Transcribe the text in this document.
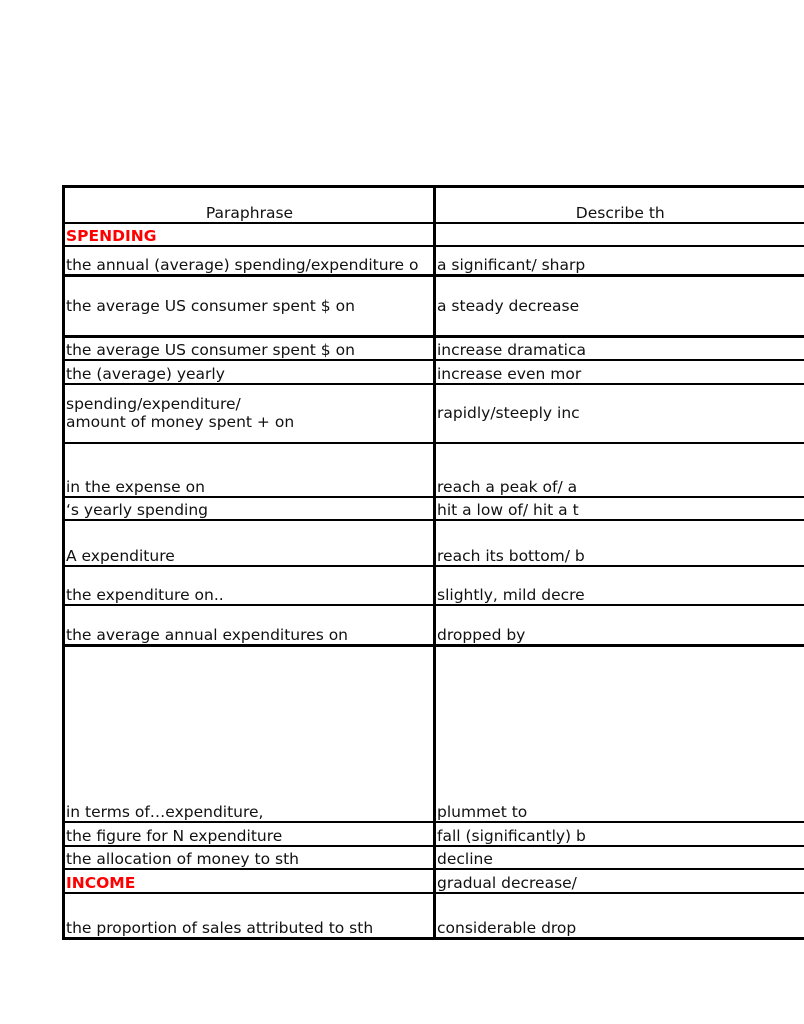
Paraphrase	Describe th
SPENDING	
the annual (average) spending/expenditure o	a significant/ sharp
the average US consumer spent $ on	a steady decrease
the average US consumer spent $ on	increase dramatica
the (average) yearly	increase even mor
spending/expenditure/
amount of money spent + on	rapidly/steeply inc
in the expense on	reach a peak of/ a
‘s yearly spending	hit a low of/ hit a t
A expenditure	reach its bottom/ b
the expenditure on..	slightly, mild decre
the average annual expenditures on	dropped by
in terms of…expenditure,	plummet to
the figure for N expenditure	fall (significantly) b
the allocation of money to sth	decline
INCOME	gradual decrease/
the proportion of sales attributed to sth	considerable drop
